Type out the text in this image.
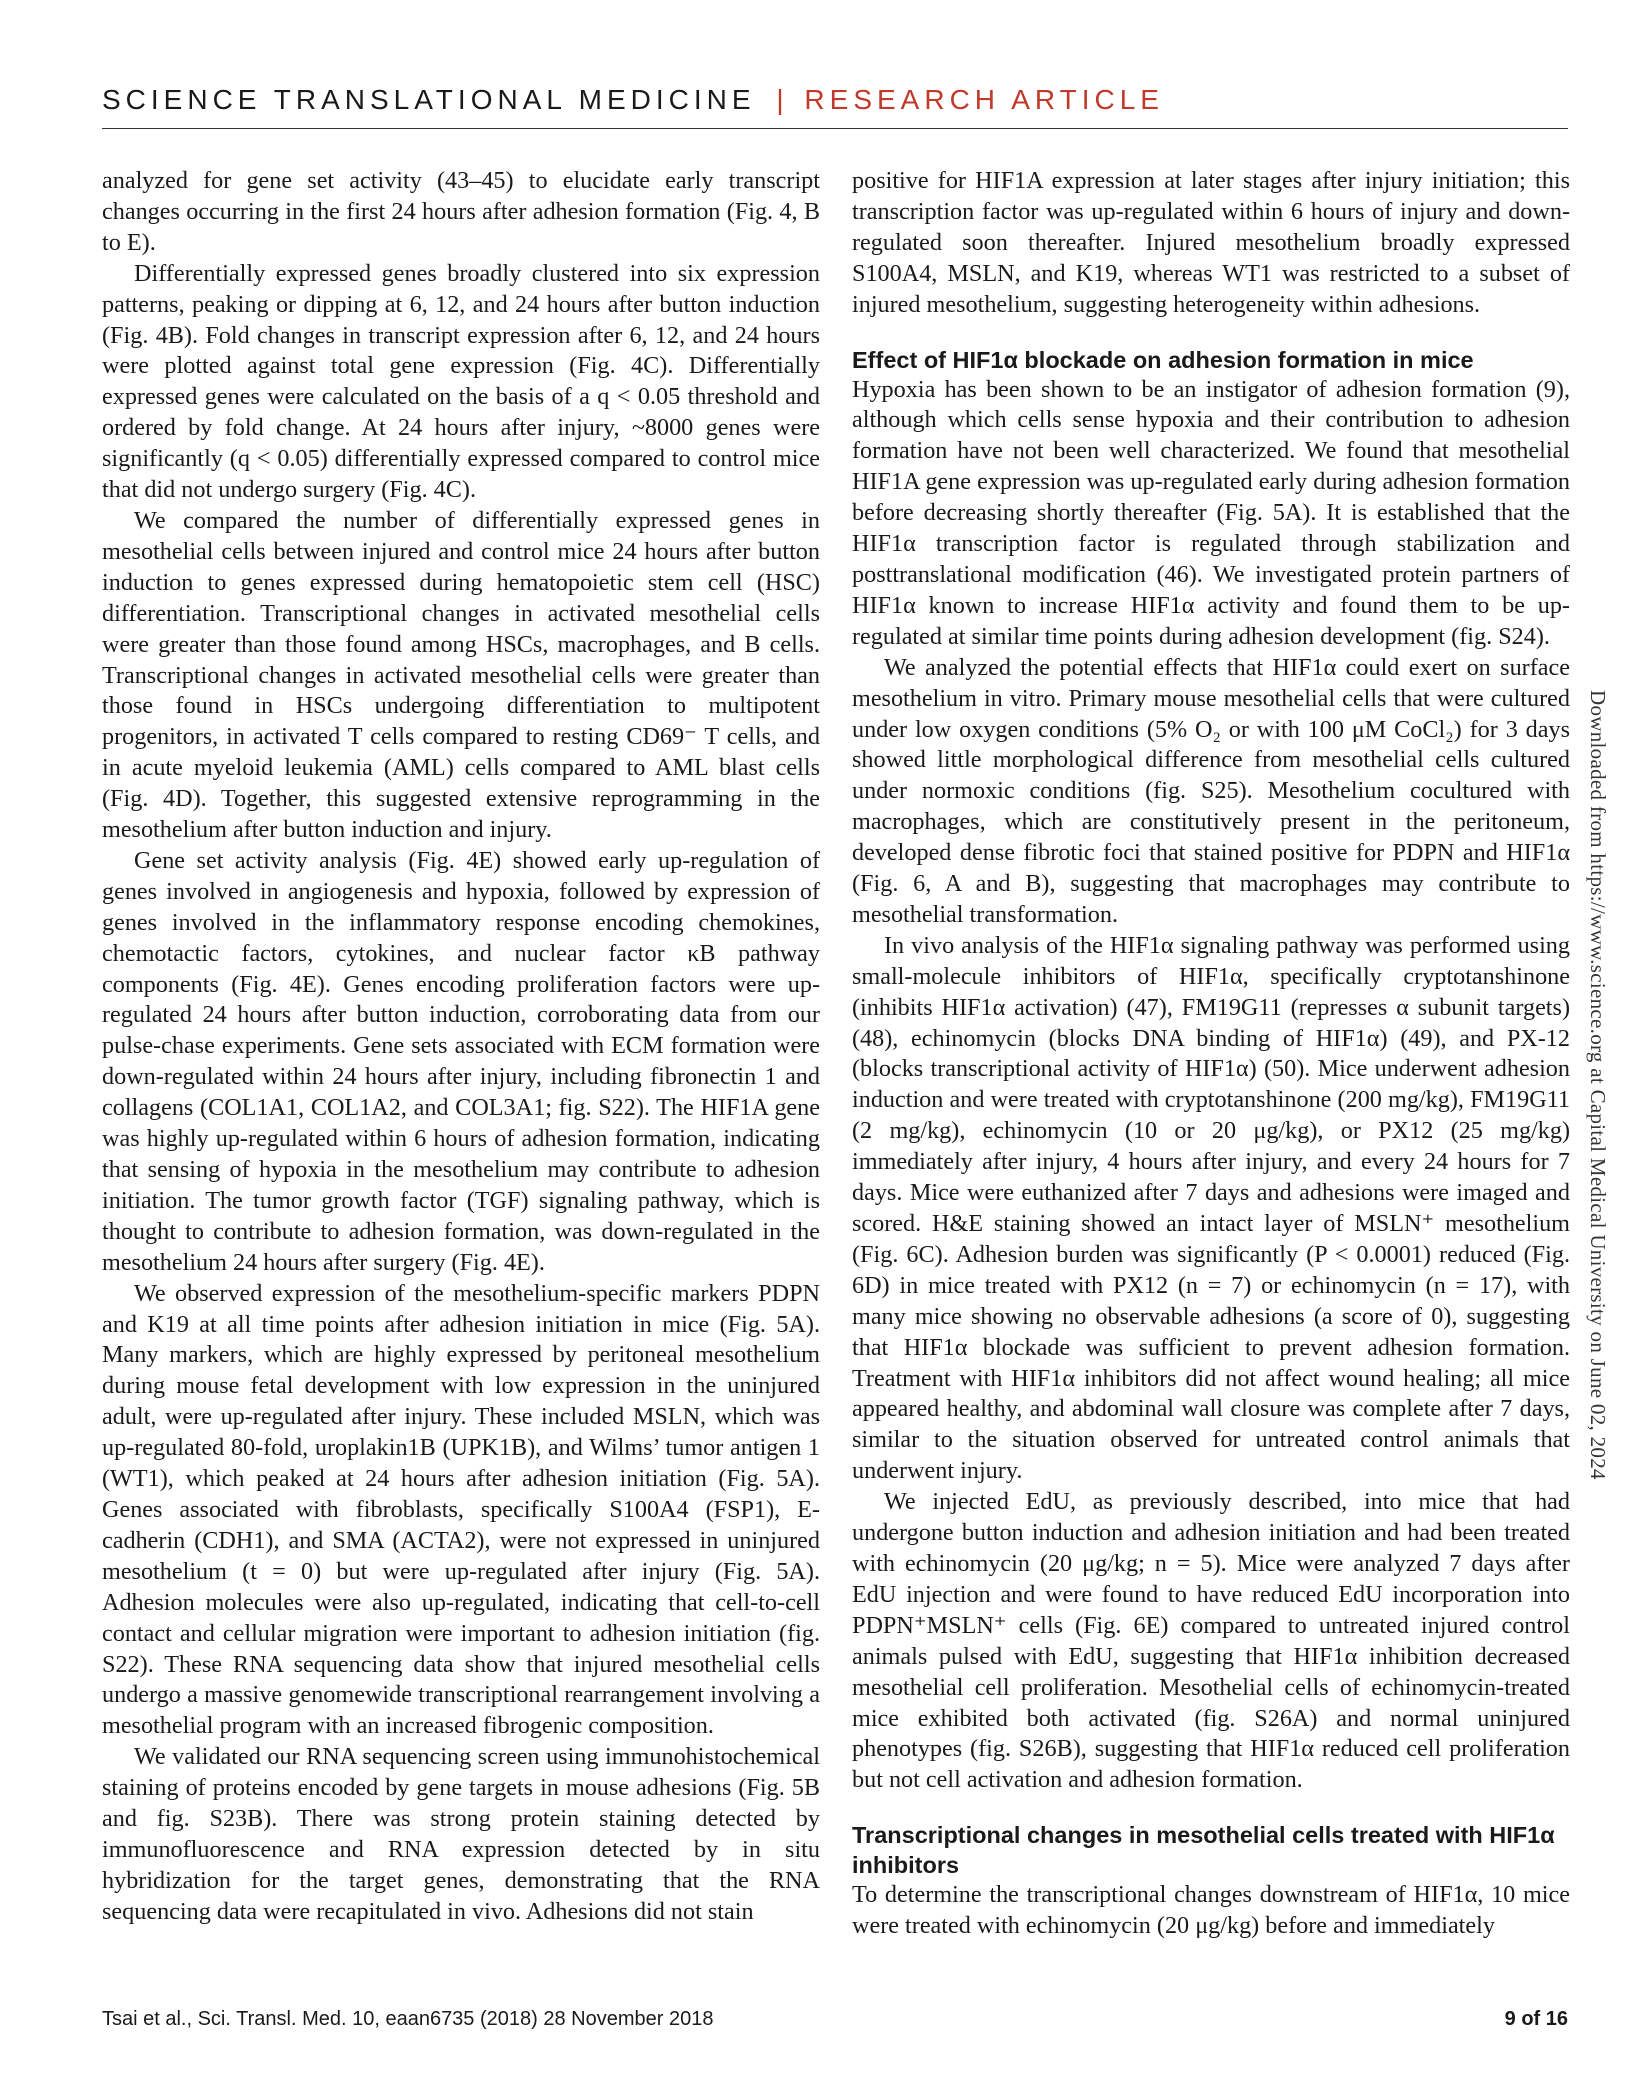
SCIENCE TRANSLATIONAL MEDICINE | RESEARCH ARTICLE

analyzed for gene set activity (43–45) to elucidate early transcript changes occurring in the first 24 hours after adhesion formation (Fig. 4, B to E).

Differentially expressed genes broadly clustered into six expression patterns, peaking or dipping at 6, 12, and 24 hours after button induction (Fig. 4B). Fold changes in transcript expression after 6, 12, and 24 hours were plotted against total gene expression (Fig. 4C). Differentially expressed genes were calculated on the basis of a q < 0.05 threshold and ordered by fold change. At 24 hours after injury, ~8000 genes were significantly (q < 0.05) differentially expressed compared to control mice that did not undergo surgery (Fig. 4C).

We compared the number of differentially expressed genes in mesothelial cells between injured and control mice 24 hours after button induction to genes expressed during hematopoietic stem cell (HSC) differentiation. Transcriptional changes in activated mesothelial cells were greater than those found among HSCs, macrophages, and B cells. Transcriptional changes in activated mesothelial cells were greater than those found in HSCs undergoing differentiation to multipotent progenitors, in activated T cells compared to resting CD69⁻ T cells, and in acute myeloid leukemia (AML) cells compared to AML blast cells (Fig. 4D). Together, this suggested extensive reprogramming in the mesothelium after button induction and injury.

Gene set activity analysis (Fig. 4E) showed early up-regulation of genes involved in angiogenesis and hypoxia, followed by expression of genes involved in the inflammatory response encoding chemokines, chemotactic factors, cytokines, and nuclear factor κB pathway components (Fig. 4E). Genes encoding proliferation factors were up-regulated 24 hours after button induction, corroborating data from our pulse-chase experiments. Gene sets associated with ECM formation were down-regulated within 24 hours after injury, including fibronectin 1 and collagens (COL1A1, COL1A2, and COL3A1; fig. S22). The HIF1A gene was highly up-regulated within 6 hours of adhesion formation, indicating that sensing of hypoxia in the mesothelium may contribute to adhesion initiation. The tumor growth factor (TGF) signaling pathway, which is thought to contribute to adhesion formation, was down-regulated in the mesothelium 24 hours after surgery (Fig. 4E).

We observed expression of the mesothelium-specific markers PDPN and K19 at all time points after adhesion initiation in mice (Fig. 5A). Many markers, which are highly expressed by peritoneal mesothelium during mouse fetal development with low expression in the uninjured adult, were up-regulated after injury. These included MSLN, which was up-regulated 80-fold, uroplakin1B (UPK1B), and Wilms’ tumor antigen 1 (WT1), which peaked at 24 hours after adhesion initiation (Fig. 5A). Genes associated with fibroblasts, specifically S100A4 (FSP1), E-cadherin (CDH1), and SMA (ACTA2), were not expressed in uninjured mesothelium (t = 0) but were up-regulated after injury (Fig. 5A). Adhesion molecules were also up-regulated, indicating that cell-to-cell contact and cellular migration were important to adhesion initiation (fig. S22). These RNA sequencing data show that injured mesothelial cells undergo a massive genomewide transcriptional rearrangement involving a mesothelial program with an increased fibrogenic composition.

We validated our RNA sequencing screen using immunohistochemical staining of proteins encoded by gene targets in mouse adhesions (Fig. 5B and fig. S23B). There was strong protein staining detected by immunofluorescence and RNA expression detected by in situ hybridization for the target genes, demonstrating that the RNA sequencing data were recapitulated in vivo. Adhesions did not stain

positive for HIF1A expression at later stages after injury initiation; this transcription factor was up-regulated within 6 hours of injury and down-regulated soon thereafter. Injured mesothelium broadly expressed S100A4, MSLN, and K19, whereas WT1 was restricted to a subset of injured mesothelium, suggesting heterogeneity within adhesions.

Effect of HIF1α blockade on adhesion formation in mice

Hypoxia has been shown to be an instigator of adhesion formation (9), although which cells sense hypoxia and their contribution to adhesion formation have not been well characterized. We found that mesothelial HIF1A gene expression was up-regulated early during adhesion formation before decreasing shortly thereafter (Fig. 5A). It is established that the HIF1α transcription factor is regulated through stabilization and posttranslational modification (46). We investigated protein partners of HIF1α known to increase HIF1α activity and found them to be up-regulated at similar time points during adhesion development (fig. S24).

We analyzed the potential effects that HIF1α could exert on surface mesothelium in vitro. Primary mouse mesothelial cells that were cultured under low oxygen conditions (5% O₂ or with 100 μM CoCl₂) for 3 days showed little morphological difference from mesothelial cells cultured under normoxic conditions (fig. S25). Mesothelium cocultured with macrophages, which are constitutively present in the peritoneum, developed dense fibrotic foci that stained positive for PDPN and HIF1α (Fig. 6, A and B), suggesting that macrophages may contribute to mesothelial transformation.

In vivo analysis of the HIF1α signaling pathway was performed using small-molecule inhibitors of HIF1α, specifically cryptotanshinone (inhibits HIF1α activation) (47), FM19G11 (represses α subunit targets) (48), echinomycin (blocks DNA binding of HIF1α) (49), and PX-12 (blocks transcriptional activity of HIF1α) (50). Mice underwent adhesion induction and were treated with cryptotanshinone (200 mg/kg), FM19G11 (2 mg/kg), echinomycin (10 or 20 μg/kg), or PX12 (25 mg/kg) immediately after injury, 4 hours after injury, and every 24 hours for 7 days. Mice were euthanized after 7 days and adhesions were imaged and scored. H&E staining showed an intact layer of MSLN⁺ mesothelium (Fig. 6C). Adhesion burden was significantly (P < 0.0001) reduced (Fig. 6D) in mice treated with PX12 (n = 7) or echinomycin (n = 17), with many mice showing no observable adhesions (a score of 0), suggesting that HIF1α blockade was sufficient to prevent adhesion formation. Treatment with HIF1α inhibitors did not affect wound healing; all mice appeared healthy, and abdominal wall closure was complete after 7 days, similar to the situation observed for untreated control animals that underwent injury.

We injected EdU, as previously described, into mice that had undergone button induction and adhesion initiation and had been treated with echinomycin (20 μg/kg; n = 5). Mice were analyzed 7 days after EdU injection and were found to have reduced EdU incorporation into PDPN⁺MSLN⁺ cells (Fig. 6E) compared to untreated injured control animals pulsed with EdU, suggesting that HIF1α inhibition decreased mesothelial cell proliferation. Mesothelial cells of echinomycin-treated mice exhibited both activated (fig. S26A) and normal uninjured phenotypes (fig. S26B), suggesting that HIF1α reduced cell proliferation but not cell activation and adhesion formation.

Transcriptional changes in mesothelial cells treated with HIF1α inhibitors

To determine the transcriptional changes downstream of HIF1α, 10 mice were treated with echinomycin (20 μg/kg) before and immediately

Downloaded from https://www.science.org at Capital Medical University on June 02, 2024
Tsai et al., Sci. Transl. Med. 10, eaan6735 (2018) 28 November 2018	9 of 16
